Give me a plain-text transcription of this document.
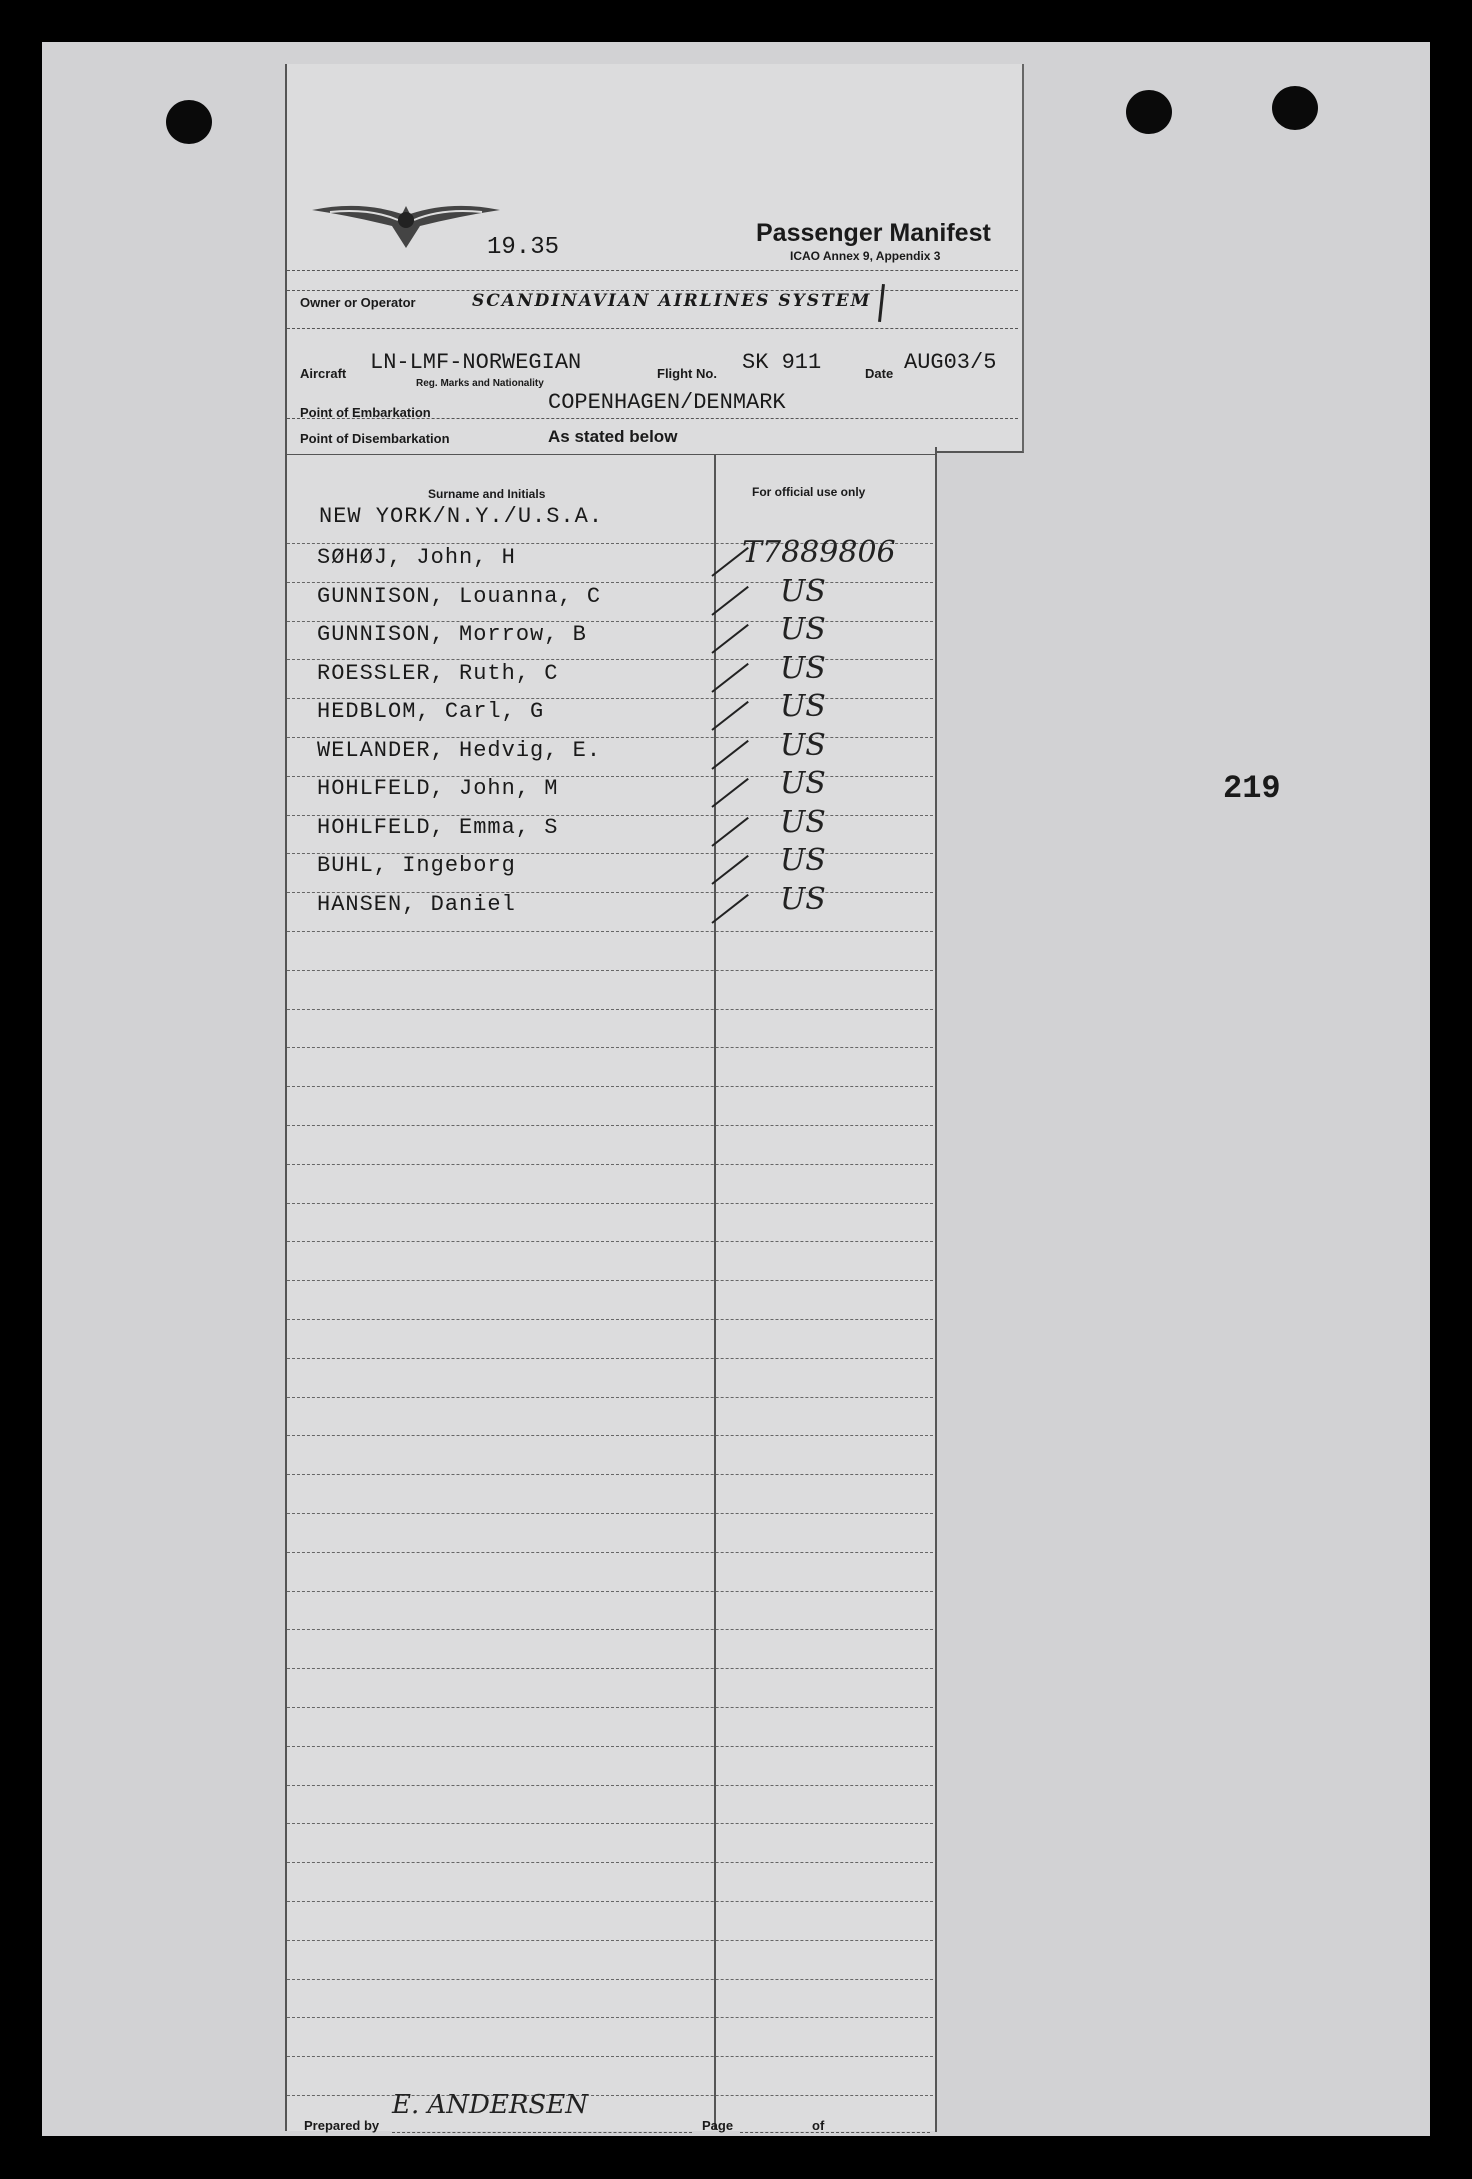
19.35
Passenger Manifest
ICAO Annex 9, Appendix 3
Owner or Operator	SCANDINAVIAN AIRLINES SYSTEM
Aircraft LN-LMF-NORWEGIAN
Reg. Marks and Nationality
Flight No. SK 911	Date AUG03/5
Point of Embarkation	COPENHAGEN/DENMARK
Point of Disembarkation	As stated below
Surname and Initials	For official use only
NEW YORK/N.Y./U.S.A.
SØHØJ, John, H	T7889806
GUNNISON, Louanna, C	US
GUNNISON, Morrow, B	US
ROESSLER, Ruth, C	US
HEDBLOM, Carl, G	US
WELANDER, Hedvig, E.	US
HOHLFELD, John, M	US
HOHLFELD, Emma, S	US
BUHL, Ingeborg	US
HANSEN, Daniel	US
219
Prepared by
E. ANDERSEN
Page	of
